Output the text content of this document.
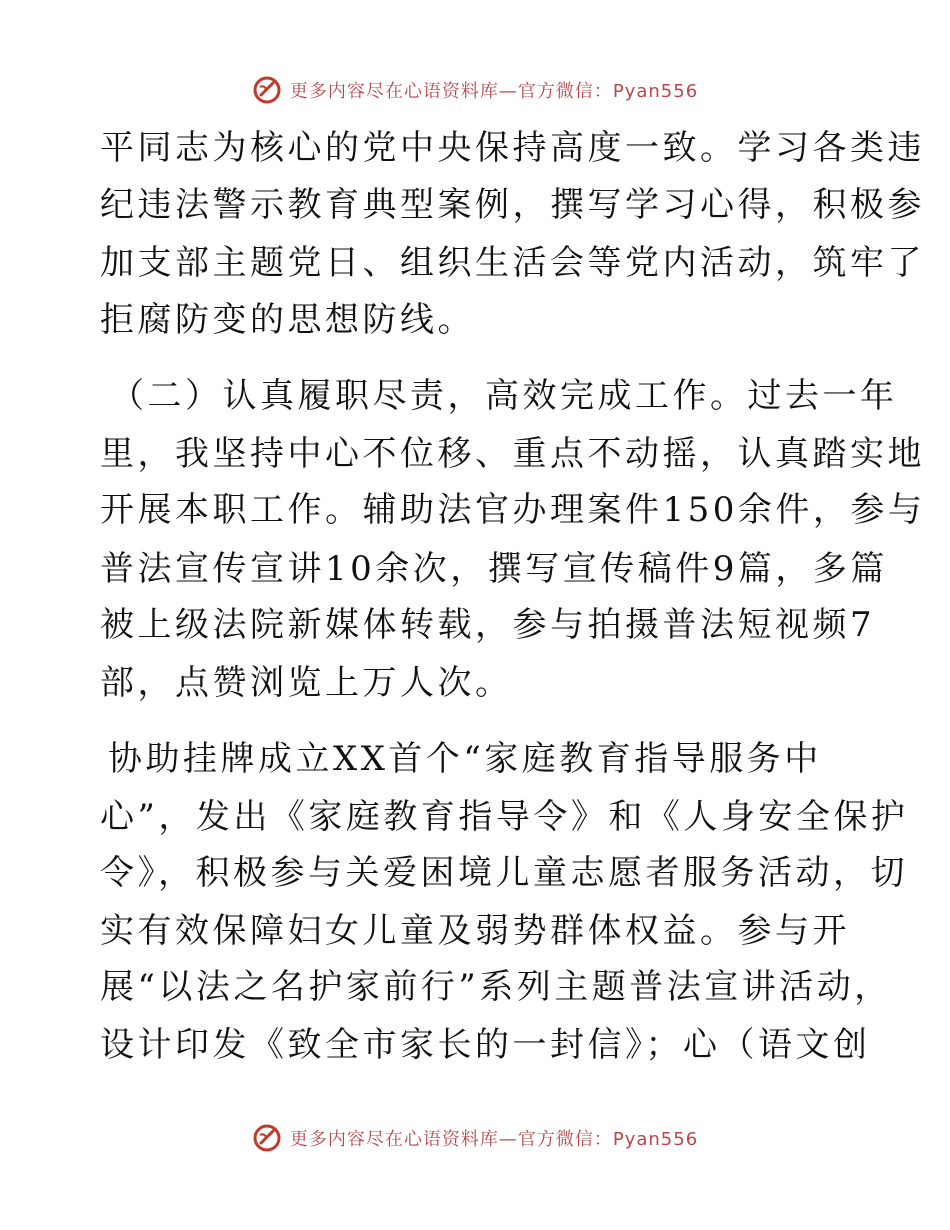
更多内容尽在心语资料库—官方微信：Pyan556
平同志为核心的党中央保持高度一致。学习各类违
纪违法警示教育典型案例，撰写学习心得，积极参
加支部主题党日、组织生活会等党内活动，筑牢了
拒腐防变的思想防线。
（二）认真履职尽责，高效完成工作。过去一年
里，我坚持中心不位移、重点不动摇，认真踏实地
开展本职工作。辅助法官办理案件150余件，参与
普法宣传宣讲10余次，撰写宣传稿件9篇，多篇
被上级法院新媒体转载，参与拍摄普法短视频7
部，点赞浏览上万人次。
协助挂牌成立XX首个“家庭教育指导服务中
心”，发出《家庭教育指导令》和《人身安全保护
令》，积极参与关爱困境儿童志愿者服务活动，切
实有效保障妇女儿童及弱势群体权益。参与开
展“以法之名护家前行”系列主题普法宣讲活动，
设计印发《致全市家长的一封信》；心（语文创
更多内容尽在心语资料库—官方微信：Pyan556
